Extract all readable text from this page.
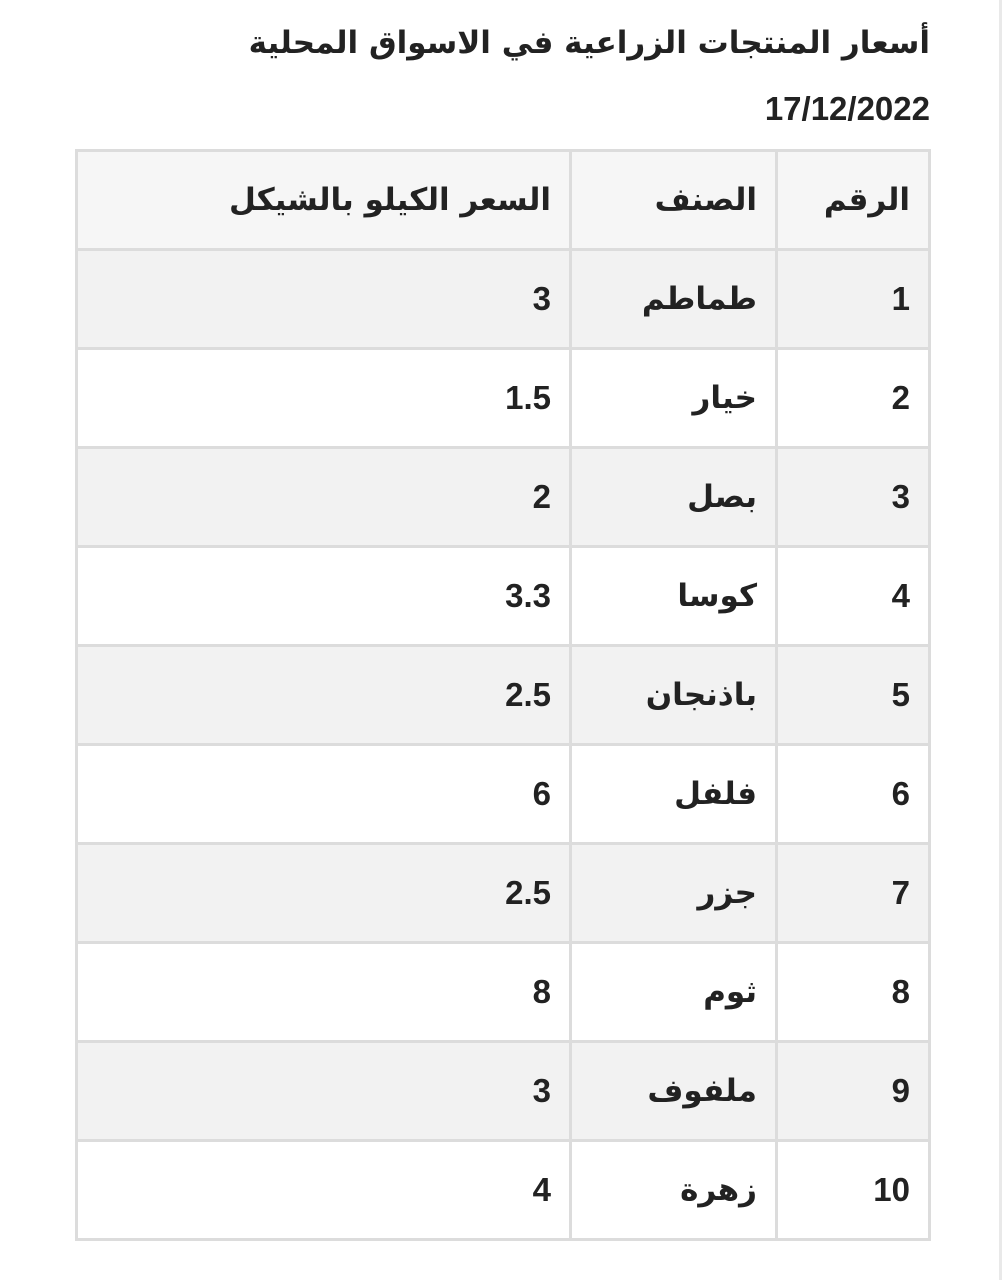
أسعار المنتجات الزراعية في الاسواق المحلية
17/12/2022
الرقم	الصنف	السعر الكيلو بالشيكل
1	طماطم	3
2	خيار	1.5
3	بصل	2
4	كوسا	3.3
5	باذنجان	2.5
6	فلفل	6
7	جزر	2.5
8	ثوم	8
9	ملفوف	3
10	زهرة	4
